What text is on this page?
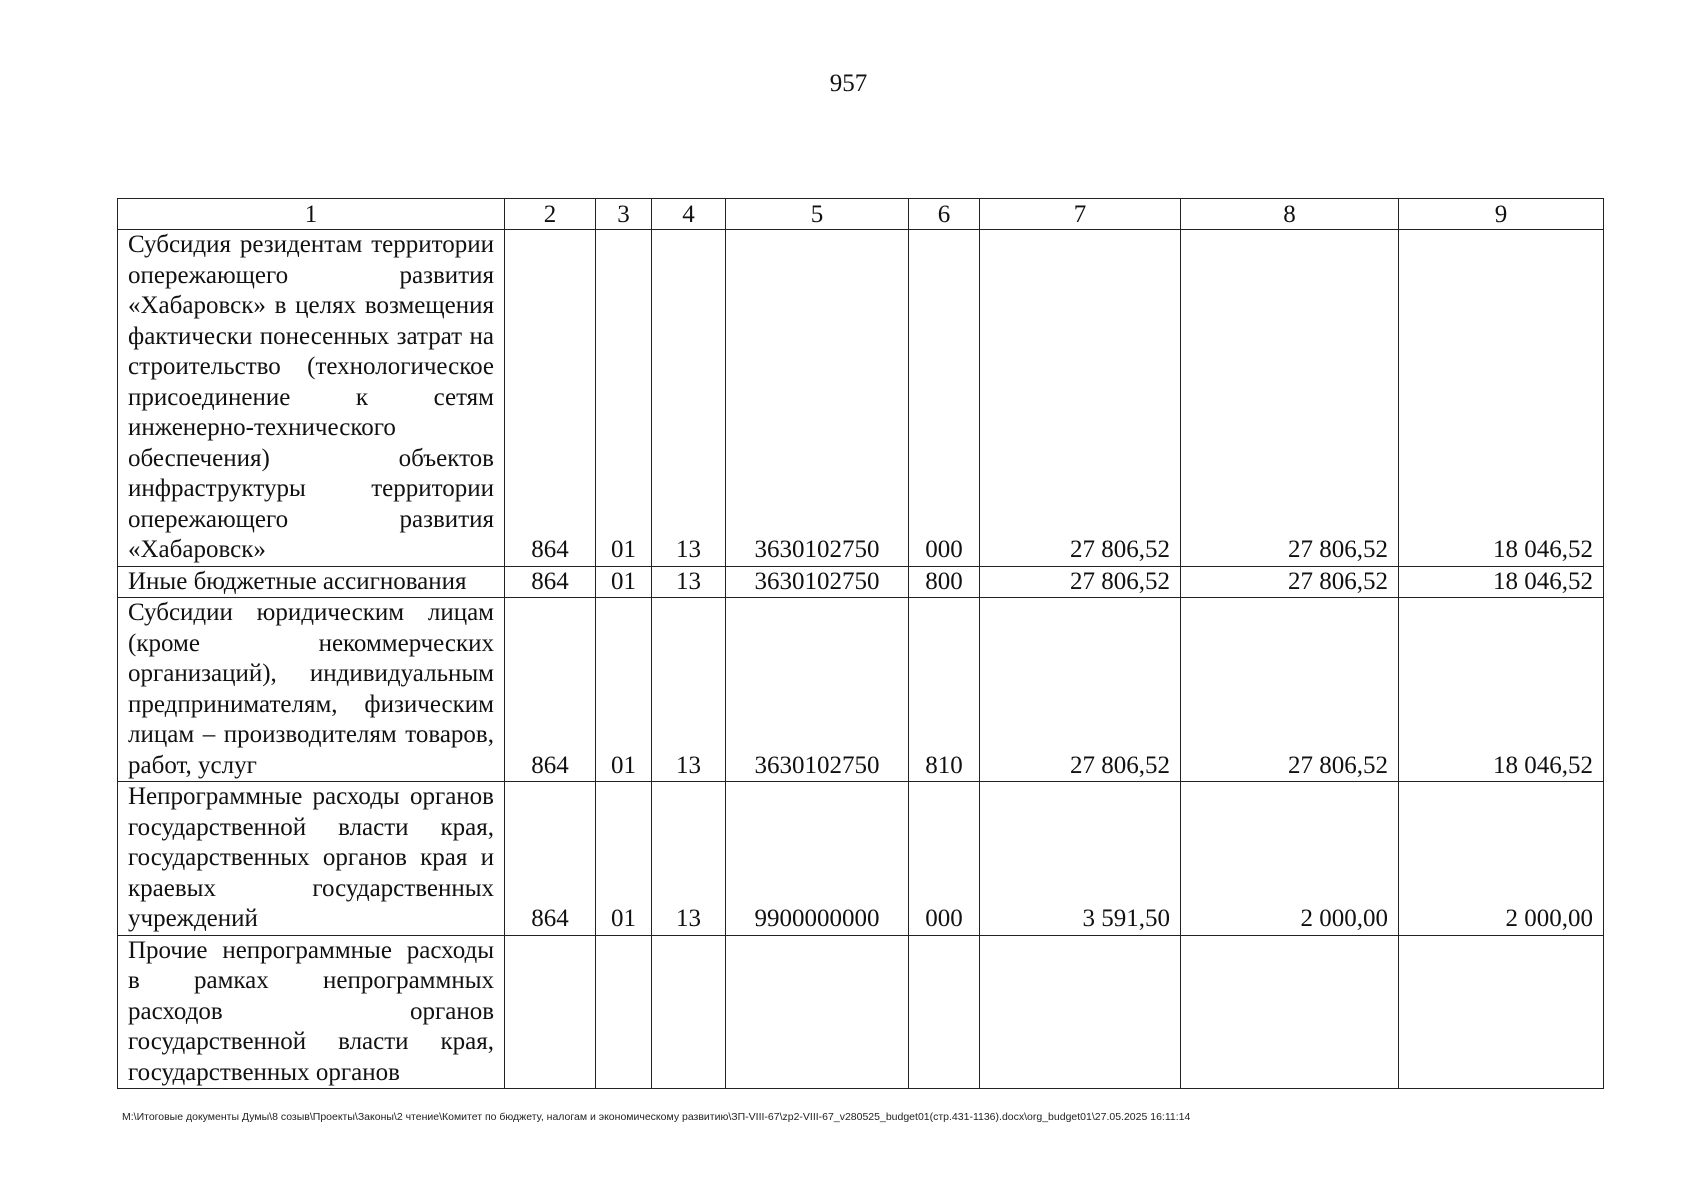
957
1	2	3	4	5	6	7	8	9
Субсидия резидентам территории опережающего развития «Хабаровск» в целях возмещения фактически понесенных затрат на строительство (технологическое присоединение к сетям инженерно-технического обеспечения) объектов инфраструктуры территории опережающего развития «Хабаровск»	864	01	13	3630102750	000	27 806,52	27 806,52	18 046,52
Иные бюджетные ассигнования	864	01	13	3630102750	800	27 806,52	27 806,52	18 046,52
Субсидии юридическим лицам (кроме некоммерческих организаций), индивидуальным предпринимателям, физическим лицам – производителям товаров, работ, услуг	864	01	13	3630102750	810	27 806,52	27 806,52	18 046,52
Непрограммные расходы органов государственной власти края, государственных органов края и краевых государственных учреждений	864	01	13	9900000000	000	3 591,50	2 000,00	2 000,00
Прочие непрограммные расходы в рамках непрограммных расходов органов государственной власти края, государственных органов								
M:\Итоговые документы Думы\8 созыв\Проекты\Законы\2 чтение\Комитет по бюджету, налогам и экономическому развитию\ЗП-VIII-67\zp2-VIII-67_v280525_budget01(стр.431-1136).docx\org_budget01\27.05.2025 16:11:14
